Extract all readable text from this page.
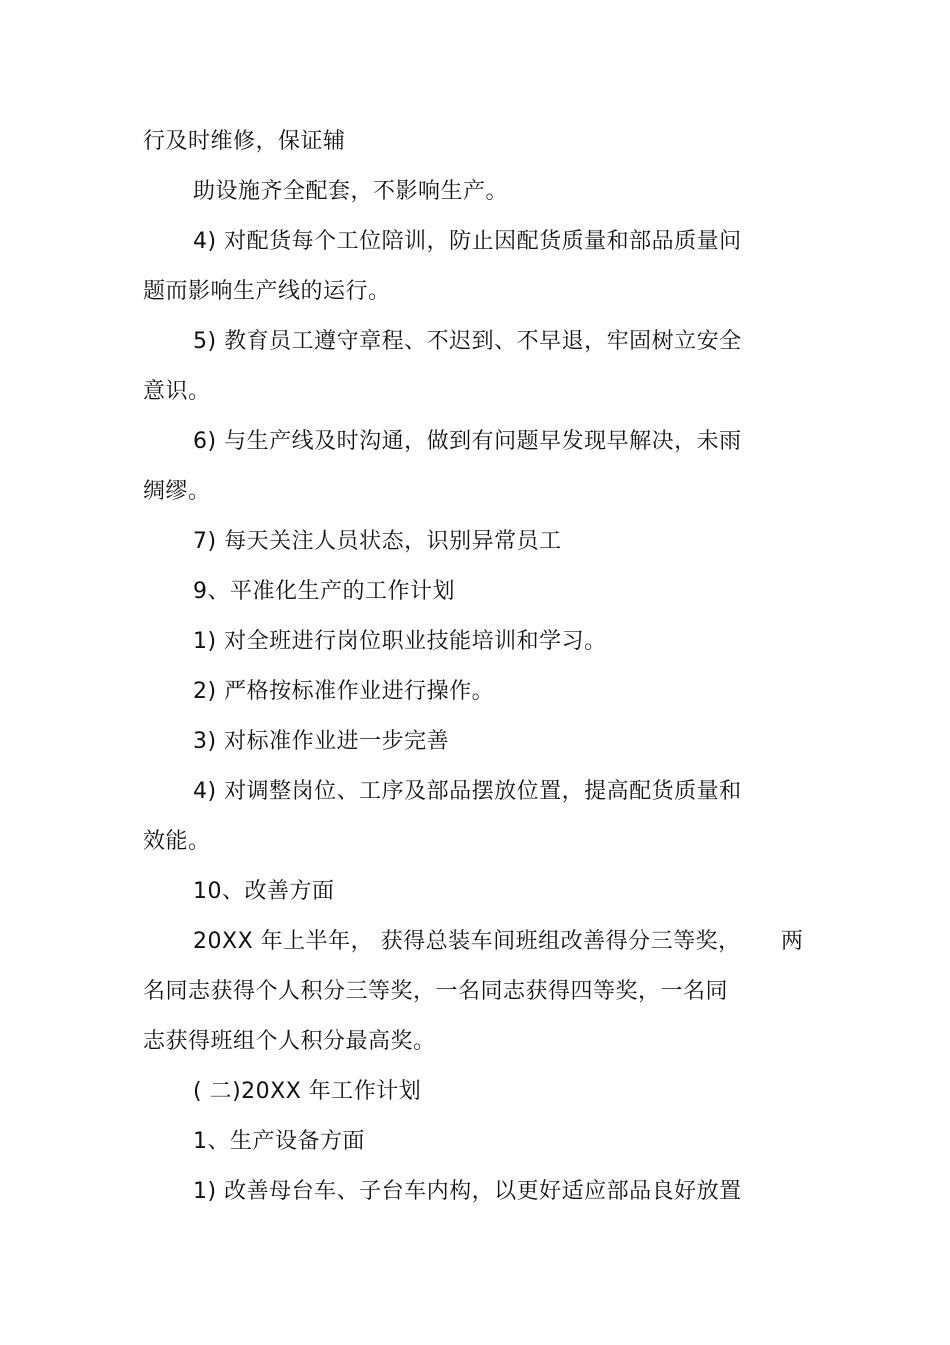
行及时维修，保证辅
助设施齐全配套，不影响生产。
4) 对配货每个工位陪训，防止因配货质量和部品质量问
题而影响生产线的运行。
5) 教育员工遵守章程、不迟到、不早退，牢固树立安全
意识。
6) 与生产线及时沟通，做到有问题早发现早解决，未雨
绸缪。
7) 每天关注人员状态，识别异常员工
9、平准化生产的工作计划
1) 对全班进行岗位职业技能培训和学习。
2) 严格按标准作业进行操作。
3) 对标准作业进一步完善
4) 对调整岗位、工序及部品摆放位置，提高配货质量和
效能。
10、改善方面
20XX 年上半年， 获得总装车间班组改善得分三等奖， 两
名同志获得个人积分三等奖，一名同志获得四等奖，一名同
志获得班组个人积分最高奖。
( 二)20XX 年工作计划
1、生产设备方面
1) 改善母台车、子台车内构，以更好适应部品良好放置
